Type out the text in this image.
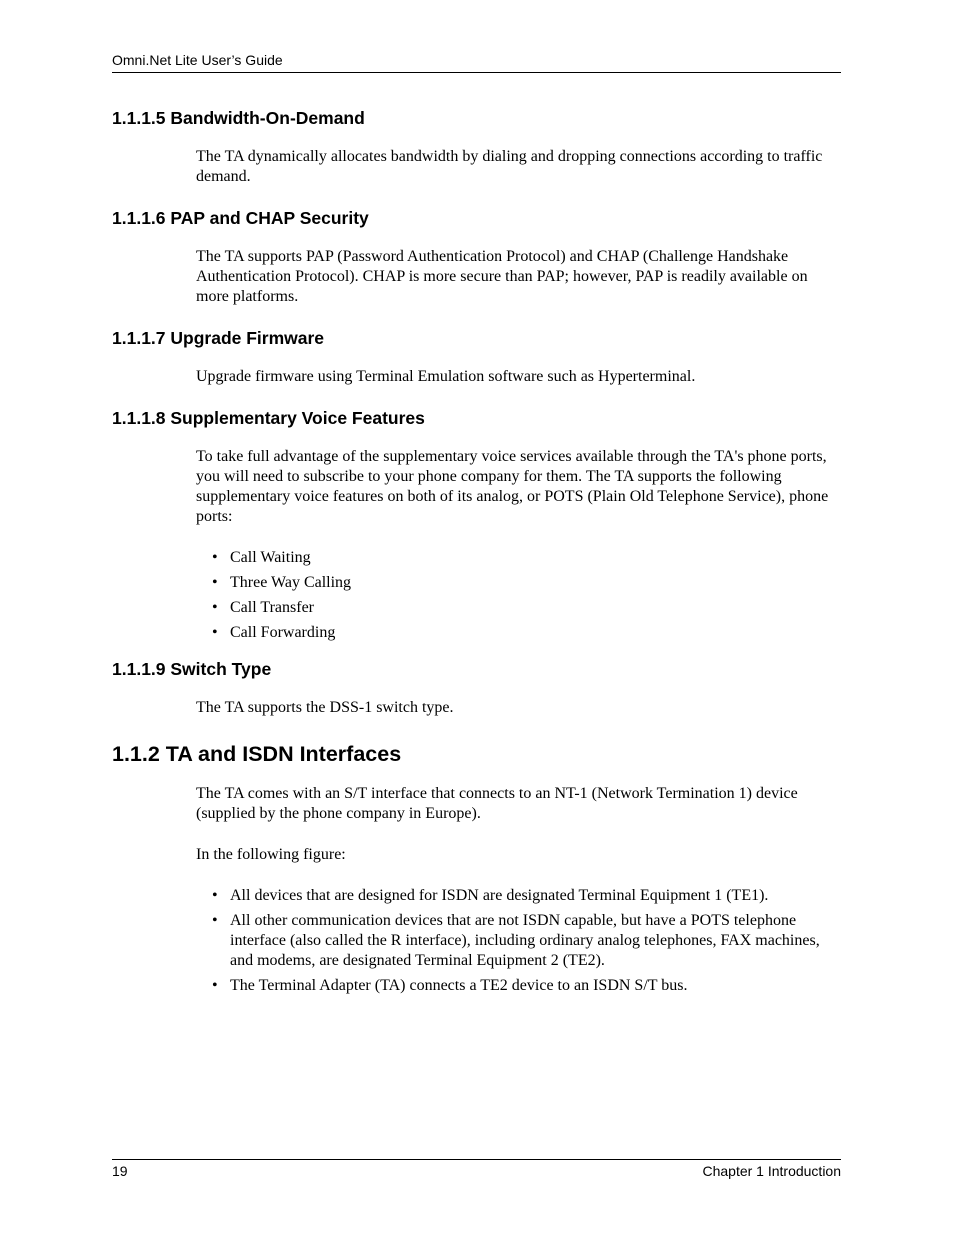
Omni.Net Lite User’s Guide
1.1.1.5 Bandwidth-On-Demand

The TA dynamically allocates bandwidth by dialing and dropping connections according to traffic demand.

1.1.1.6 PAP and CHAP Security

The TA supports PAP (Password Authentication Protocol) and CHAP (Challenge Handshake Authentication Protocol). CHAP is more secure than PAP; however, PAP is readily available on more platforms.

1.1.1.7 Upgrade Firmware

Upgrade firmware using Terminal Emulation software such as Hyperterminal.

1.1.1.8 Supplementary Voice Features

To take full advantage of the supplementary voice services available through the TA's phone ports, you will need to subscribe to your phone company for them. The TA supports the following supplementary voice features on both of its analog, or POTS (Plain Old Telephone Service), phone ports:

• Call Waiting
• Three Way Calling
• Call Transfer
• Call Forwarding
1.1.1.9 Switch Type

The TA supports the DSS-1 switch type.

1.1.2 TA and ISDN Interfaces

The TA comes with an S/T interface that connects to an NT-1 (Network Termination 1) device (supplied by the phone company in Europe).

In the following figure:

• All devices that are designed for ISDN are designated Terminal Equipment 1 (TE1).
• All other communication devices that are not ISDN capable, but have a POTS telephone interface (also called the R interface), including ordinary analog telephones, FAX machines, and modems, are designated Terminal Equipment 2 (TE2).
• The Terminal Adapter (TA) connects a TE2 device to an ISDN S/T bus.
19	Chapter 1 Introduction
